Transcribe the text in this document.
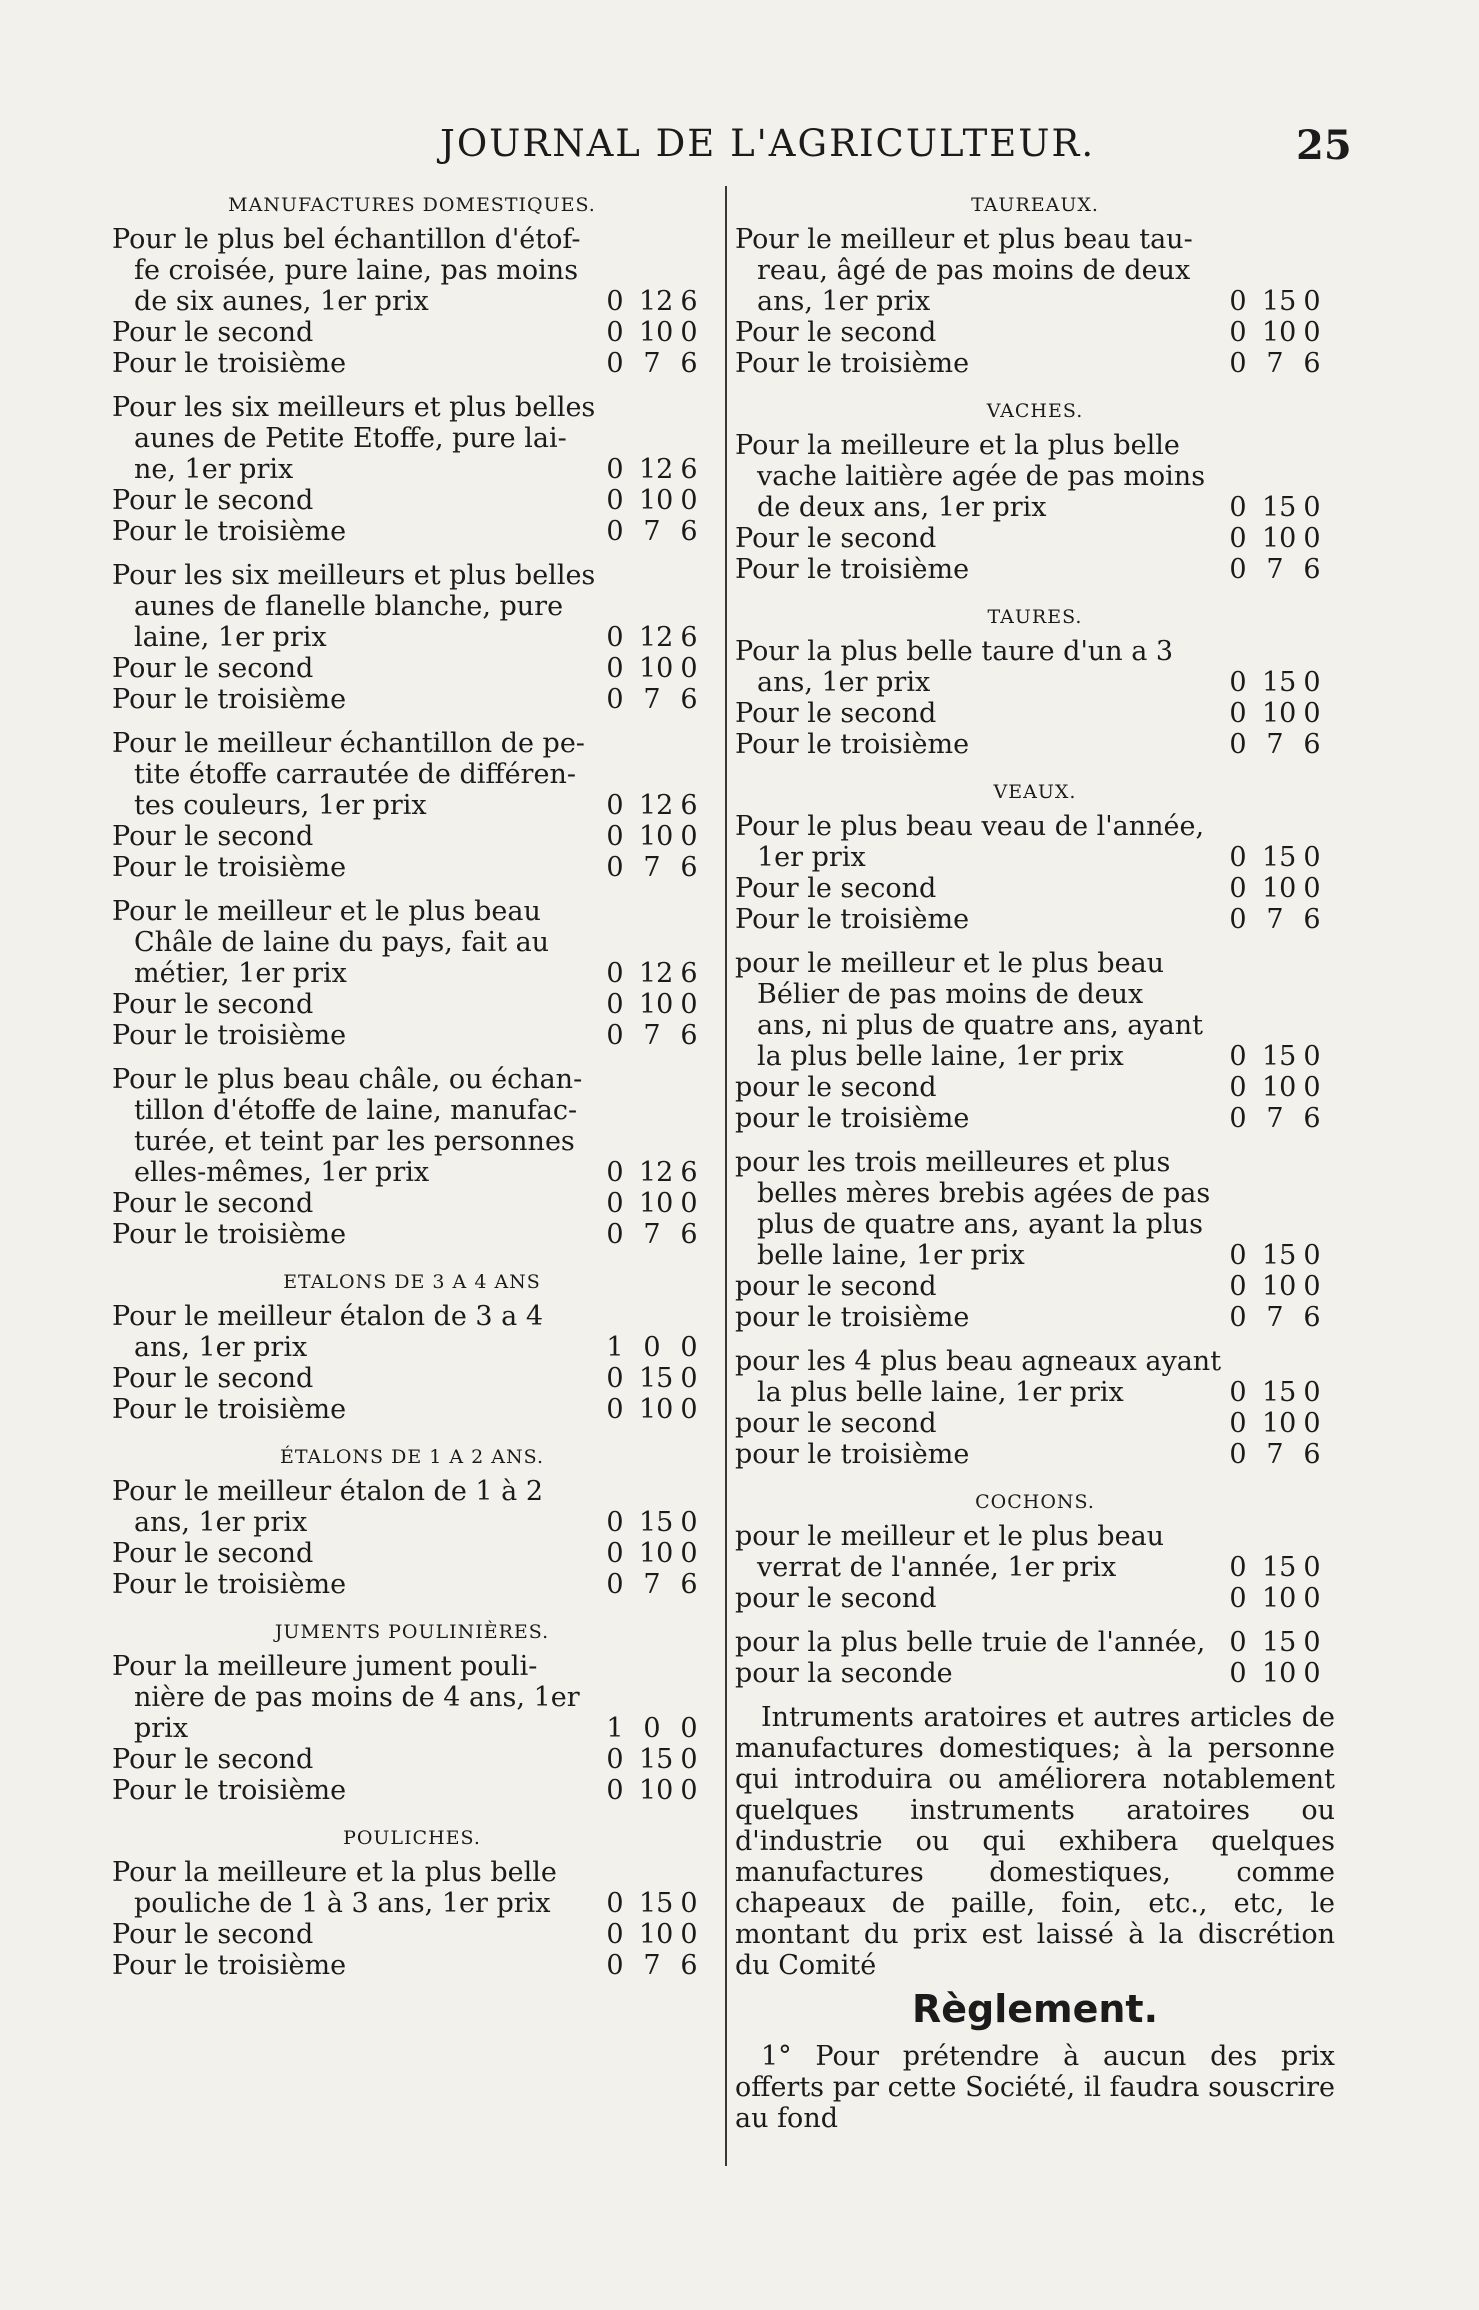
JOURNAL DE L'AGRICULTEUR.	25
MANUFACTURES DOMESTIQUES.
Pour le plus bel échantillon d'étof-
fe croisée, pure laine, pas moins
de six aunes, 1er prix	0 12 6
Pour le second	0 10 0
Pour le troisième	0 7 6
Pour les six meilleurs et plus belles
aunes de Petite Etoffe, pure lai-
ne, 1er prix	0 12 6
Pour le second	0 10 0
Pour le troisième	0 7 6
Pour les six meilleurs et plus belles
aunes de flanelle blanche, pure
laine, 1er prix	0 12 6
Pour le second	0 10 0
Pour le troisième	0 7 6
Pour le meilleur échantillon de pe-
tite étoffe carrautée de différen-
tes couleurs, 1er prix	0 12 6
Pour le second	0 10 0
Pour le troisième	0 7 6
Pour le meilleur et le plus beau
Châle de laine du pays, fait au
métier, 1er prix	0 12 6
Pour le second	0 10 0
Pour le troisième	0 7 6
Pour le plus beau châle, ou échan-
tillon d'étoffe de laine, manufac-
turée, et teint par les personnes
elles-mêmes, 1er prix	0 12 6
Pour le second	0 10 0
Pour le troisième	0 7 6
ETALONS DE 3 A 4 ANS
Pour le meilleur étalon de 3 a 4
ans, 1er prix	1 0 0
Pour le second	0 15 0
Pour le troisième	0 10 0
ÉTALONS DE 1 A 2 ANS.
Pour le meilleur étalon de 1 à 2
ans, 1er prix	0 15 0
Pour le second	0 10 0
Pour le troisième	0 7 6
JUMENTS POULINIÈRES.
Pour la meilleure jument pouli-
nière de pas moins de 4 ans, 1er
prix	1 0 0
Pour le second	0 15 0
Pour le troisième	0 10 0
POULICHES.
Pour la meilleure et la plus belle
pouliche de 1 à 3 ans, 1er prix 0 15 0
Pour le second	0 10 0
Pour le troisième	0 7 6
TAUREAUX.
Pour le meilleur et plus beau tau-
reau, âgé de pas moins de deux
ans, 1er prix	0 15 0
Pour le second	0 10 0
Pour le troisième	0 7 6
VACHES.
Pour la meilleure et la plus belle
vache laitière agée de pas moins
de deux ans, 1er prix	0 15 0
Pour le second	0 10 0
Pour le troisième	0 7 6
TAURES.
Pour la plus belle taure d'un a 3
ans, 1er prix	0 15 0
Pour le second	0 10 0
Pour le troisième	0 7 6
VEAUX.
Pour le plus beau veau de l'année,
1er prix	0 15 0
Pour le second	0 10 0
Pour le troisième	0 7 6
pour le meilleur et le plus beau
Bélier de pas moins de deux
ans, ni plus de quatre ans, ayant
la plus belle laine, 1er prix	0 15 0
pour le second	0 10 0
pour le troisième	0 7 6
pour les trois meilleures et plus
belles mères brebis agées de pas
plus de quatre ans, ayant la plus
belle laine, 1er prix	0 15 0
pour le second	0 10 0
pour le troisième	0 7 6
pour les 4 plus beau agneaux ayant
la plus belle laine, 1er prix	0 15 0
pour le second	0 10 0
pour le troisième	0 7 6
COCHONS.
pour le meilleur et le plus beau
verrat de l'année, 1er prix	0 15 0
pour le second	0 10 0
pour la plus belle truie de l'année, 0 15 0
pour la seconde	0 10 0
Intruments aratoires et autres articles de manufactures domestiques; à la personne qui introduira ou améliorera notablement quelques instruments aratoires ou d'industrie ou qui exhibera quelques manufactures domestiques, comme chapeaux de paille, foin, etc., etc, le montant du prix est laissé à la discrétion du Comité
Règlement.
1° Pour prétendre à aucun des prix offerts par cette Société, il faudra souscrire au fond
